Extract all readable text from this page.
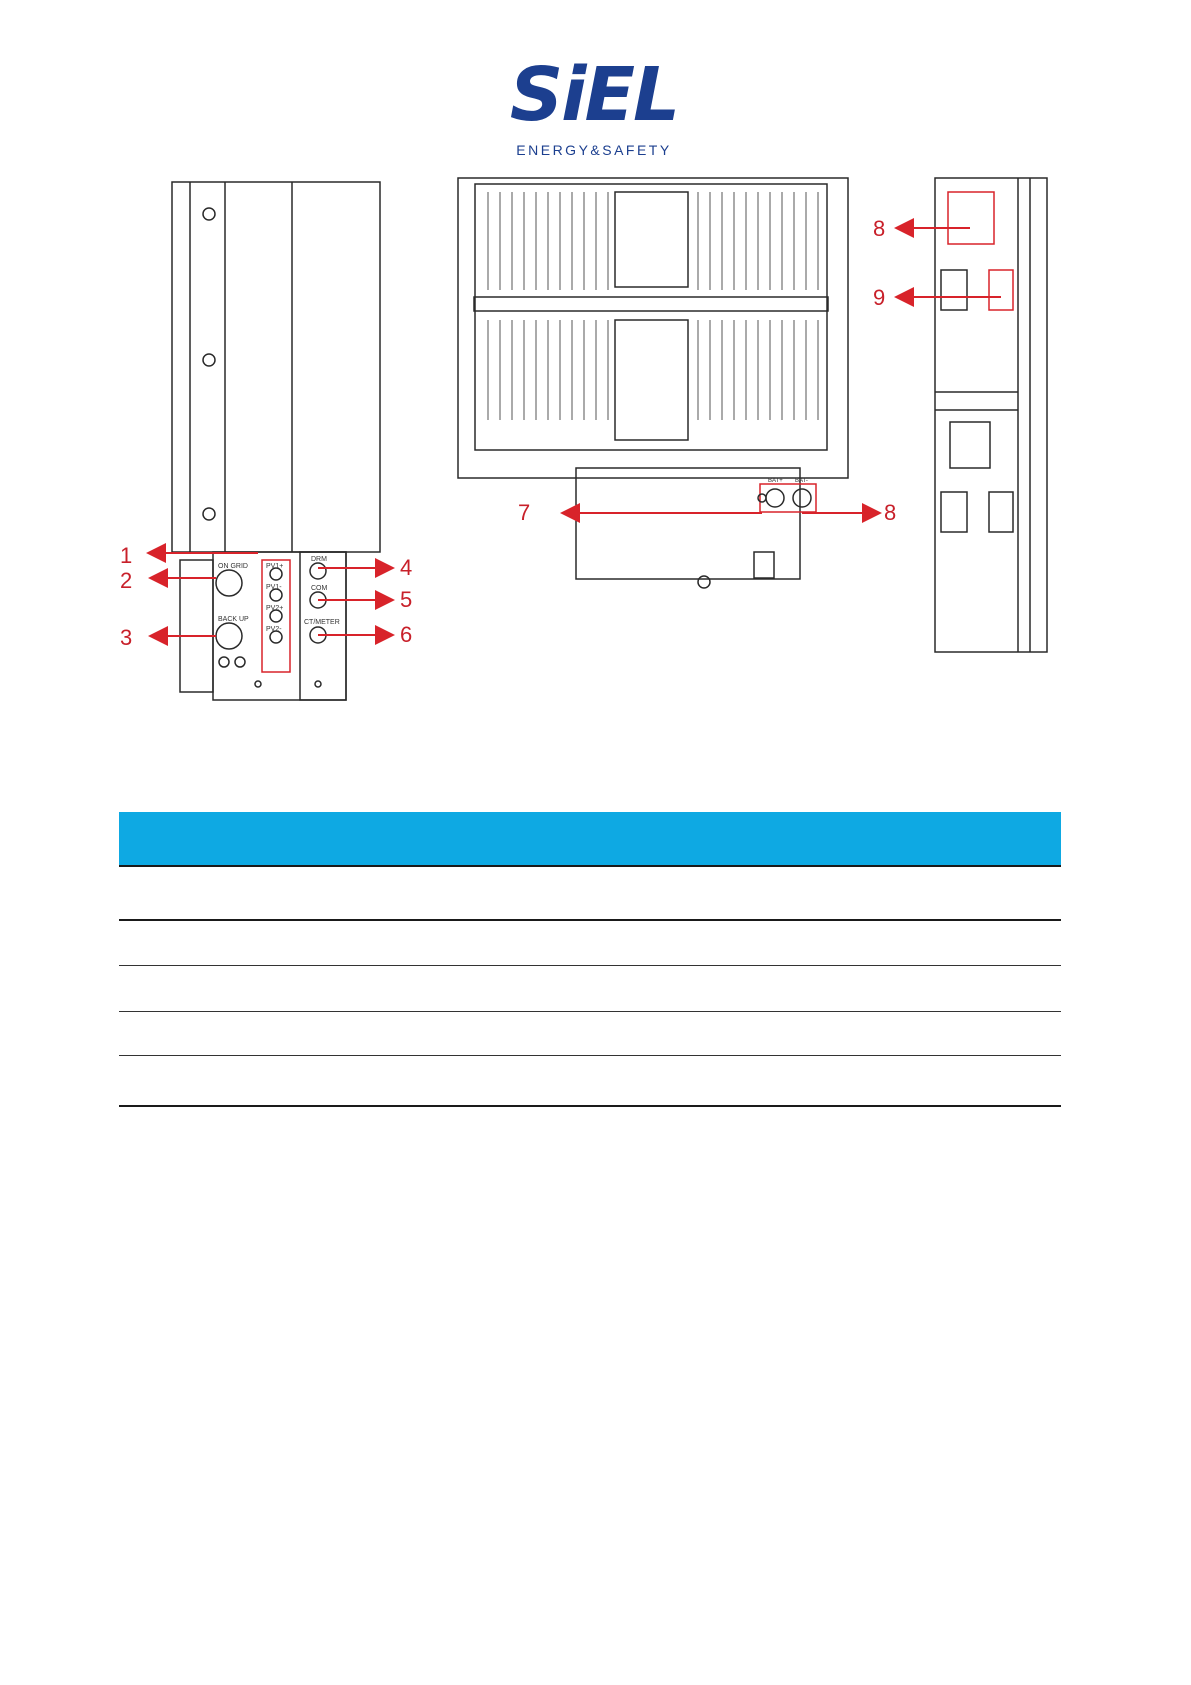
SiEL
ENERGY&SAFETY
ON GRID
BACK UP
PV1+
PV1-
PV2+
PV2-
DRM
COM
CT/METER
BAT+ BAT-
1
2
3
4
5
6
7	8
8
9
